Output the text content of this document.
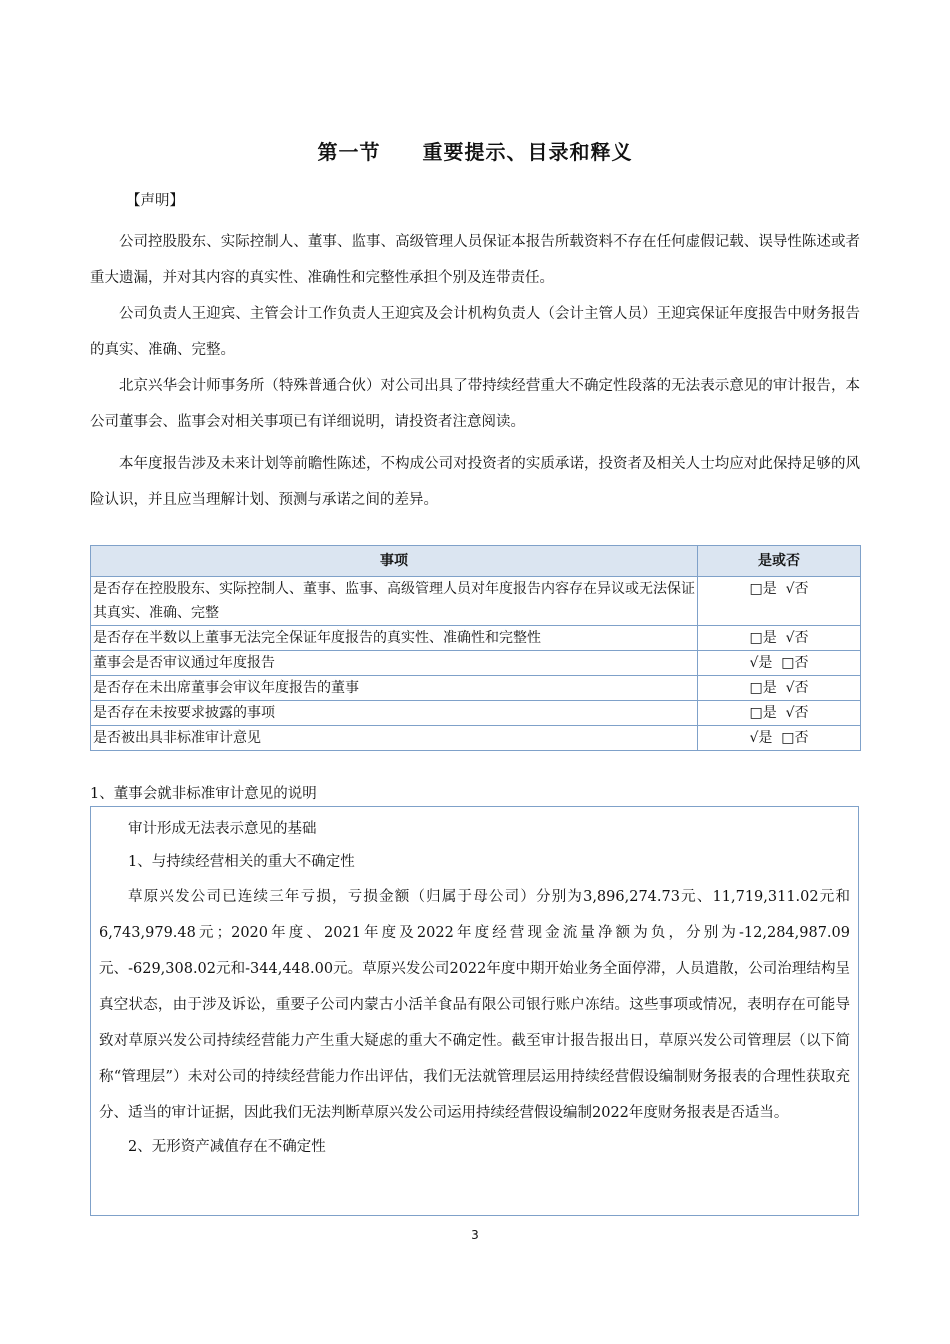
第一节　　重要提示、目录和释义
【声明】

公司控股股东、实际控制人、董事、监事、高级管理人员保证本报告所载资料不存在任何虚假记载、误导性陈述或者重大遗漏，并对其内容的真实性、准确性和完整性承担个别及连带责任。

公司负责人王迎宾、主管会计工作负责人王迎宾及会计机构负责人（会计主管人员）王迎宾保证年度报告中财务报告的真实、准确、完整。

北京兴华会计师事务所（特殊普通合伙）对公司出具了带持续经营重大不确定性段落的无法表示意见的审计报告，本公司董事会、监事会对相关事项已有详细说明，请投资者注意阅读。

本年度报告涉及未来计划等前瞻性陈述，不构成公司对投资者的实质承诺，投资者及相关人士均应对此保持足够的风险认识，并且应当理解计划、预测与承诺之间的差异。

事项	是或否
是否存在控股股东、实际控制人、董事、监事、高级管理人员对年度报告内容存在异议或无法保证其真实、准确、完整	□是  √否
是否存在半数以上董事无法完全保证年度报告的真实性、准确性和完整性	□是  √否
董事会是否审议通过年度报告	√是  □否
是否存在未出席董事会审议年度报告的董事	□是  √否
是否存在未按要求披露的事项	□是  √否
是否被出具非标准审计意见	√是  □否
1、董事会就非标准审计意见的说明

审计形成无法表示意见的基础

1、与持续经营相关的重大不确定性

草原兴发公司已连续三年亏损，亏损金额（归属于母公司）分别为3,896,274.73元、11,719,311.02元和6,743,979.48元；2020年度、2021年度及2022年度经营现金流量净额为负，分别为-12,284,987.09元、-629,308.02元和-344,448.00元。草原兴发公司2022年度中期开始业务全面停滞，人员遣散，公司治理结构呈真空状态，由于涉及诉讼，重要子公司内蒙古小活羊食品有限公司银行账户冻结。这些事项或情况，表明存在可能导致对草原兴发公司持续经营能力产生重大疑虑的重大不确定性。截至审计报告报出日，草原兴发公司管理层（以下简称“管理层”）未对公司的持续经营能力作出评估，我们无法就管理层运用持续经营假设编制财务报表的合理性获取充分、适当的审计证据，因此我们无法判断草原兴发公司运用持续经营假设编制2022年度财务报表是否适当。

2、无形资产减值存在不确定性

3
